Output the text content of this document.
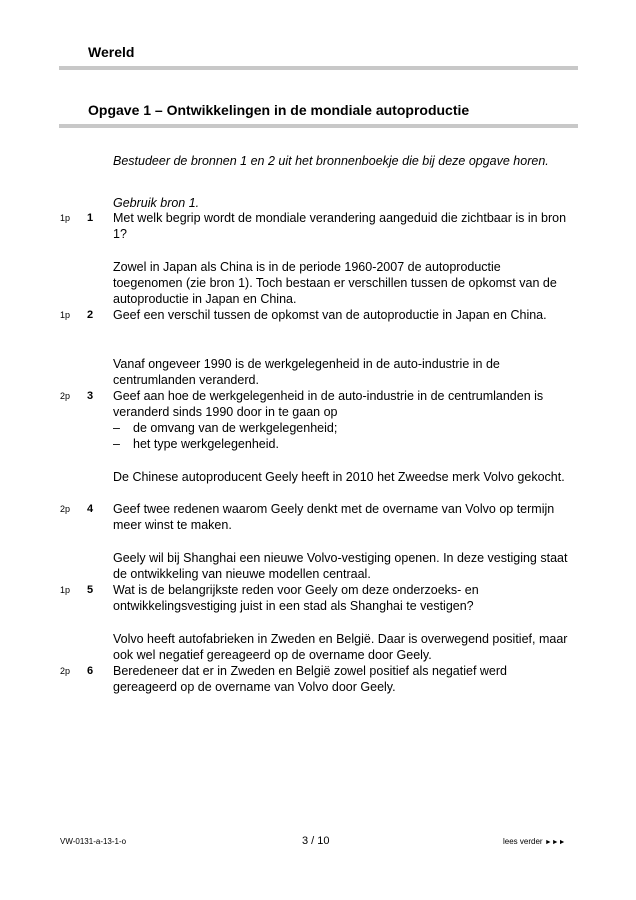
Wereld
Opgave 1 – Ontwikkelingen in de mondiale autoproductie
Bestudeer de bronnen 1 en 2 uit het bronnenboekje die bij deze opgave horen.
Gebruik bron 1.
1p 1 Met welk begrip wordt de mondiale verandering aangeduid die zichtbaar is in bron 1?
Zowel in Japan als China is in de periode 1960-2007 de autoproductie toegenomen (zie bron 1). Toch bestaan er verschillen tussen de opkomst van de autoproductie in Japan en China.
1p 2 Geef een verschil tussen de opkomst van de autoproductie in Japan en China.
Vanaf ongeveer 1990 is de werkgelegenheid in de auto-industrie in de centrumlanden veranderd.
2p 3 Geef aan hoe de werkgelegenheid in de auto-industrie in de centrumlanden is veranderd sinds 1990 door in te gaan op
– de omvang van de werkgelegenheid;
– het type werkgelegenheid.
De Chinese autoproducent Geely heeft in 2010 het Zweedse merk Volvo gekocht.
2p 4 Geef twee redenen waarom Geely denkt met de overname van Volvo op termijn meer winst te maken.
Geely wil bij Shanghai een nieuwe Volvo-vestiging openen. In deze vestiging staat de ontwikkeling van nieuwe modellen centraal.
1p 5 Wat is de belangrijkste reden voor Geely om deze onderzoeks- en ontwikkelingsvestiging juist in een stad als Shanghai te vestigen?
Volvo heeft autofabrieken in Zweden en België. Daar is overwegend positief, maar ook wel negatief gereageerd op de overname door Geely.
2p 6 Beredeneer dat er in Zweden en België zowel positief als negatief werd gereageerd op de overname van Volvo door Geely.
VW-0131-a-13-1-o	3 / 10	lees verder ►►►
